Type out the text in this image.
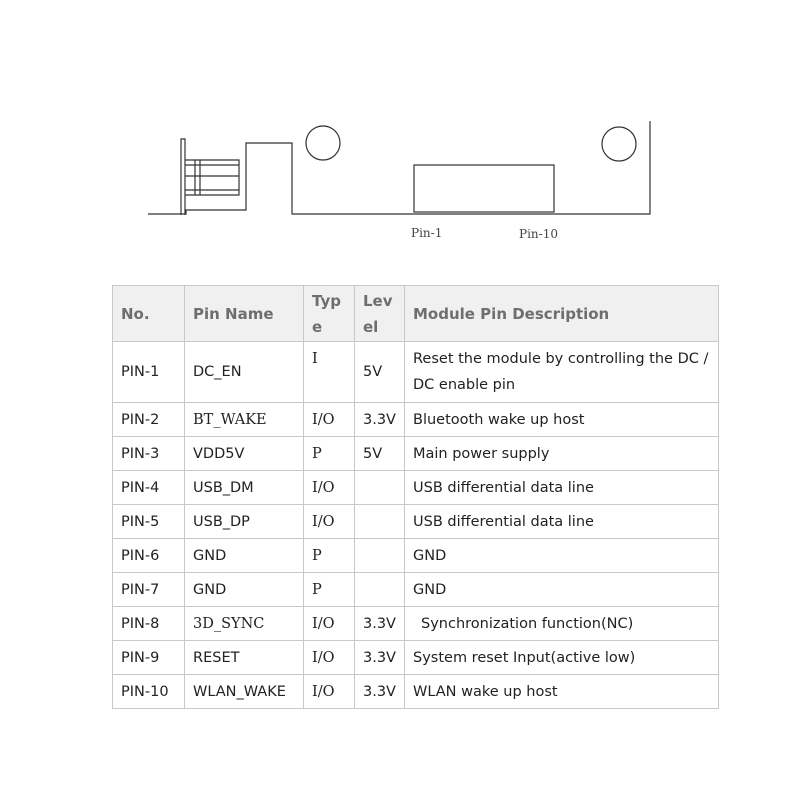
Pin-1	Pin-10
No.	Pin Name	Type	Level	Module Pin Description
PIN-1	DC_EN	I	5V	Reset the module by controlling the DC / DC enable pin
PIN-2	BT_WAKE	I/O	3.3V	Bluetooth wake up host
PIN-3	VDD5V	P	5V	Main power supply
PIN-4	USB_DM	I/O		USB differential data line
PIN-5	USB_DP	I/O		USB differential data line
PIN-6	GND	P		GND
PIN-7	GND	P		GND
PIN-8	3D_SYNC	I/O	3.3V	Synchronization function(NC)
PIN-9	RESET	I/O	3.3V	System reset Input(active low)
PIN-10	WLAN_WAKE	I/O	3.3V	WLAN wake up host
